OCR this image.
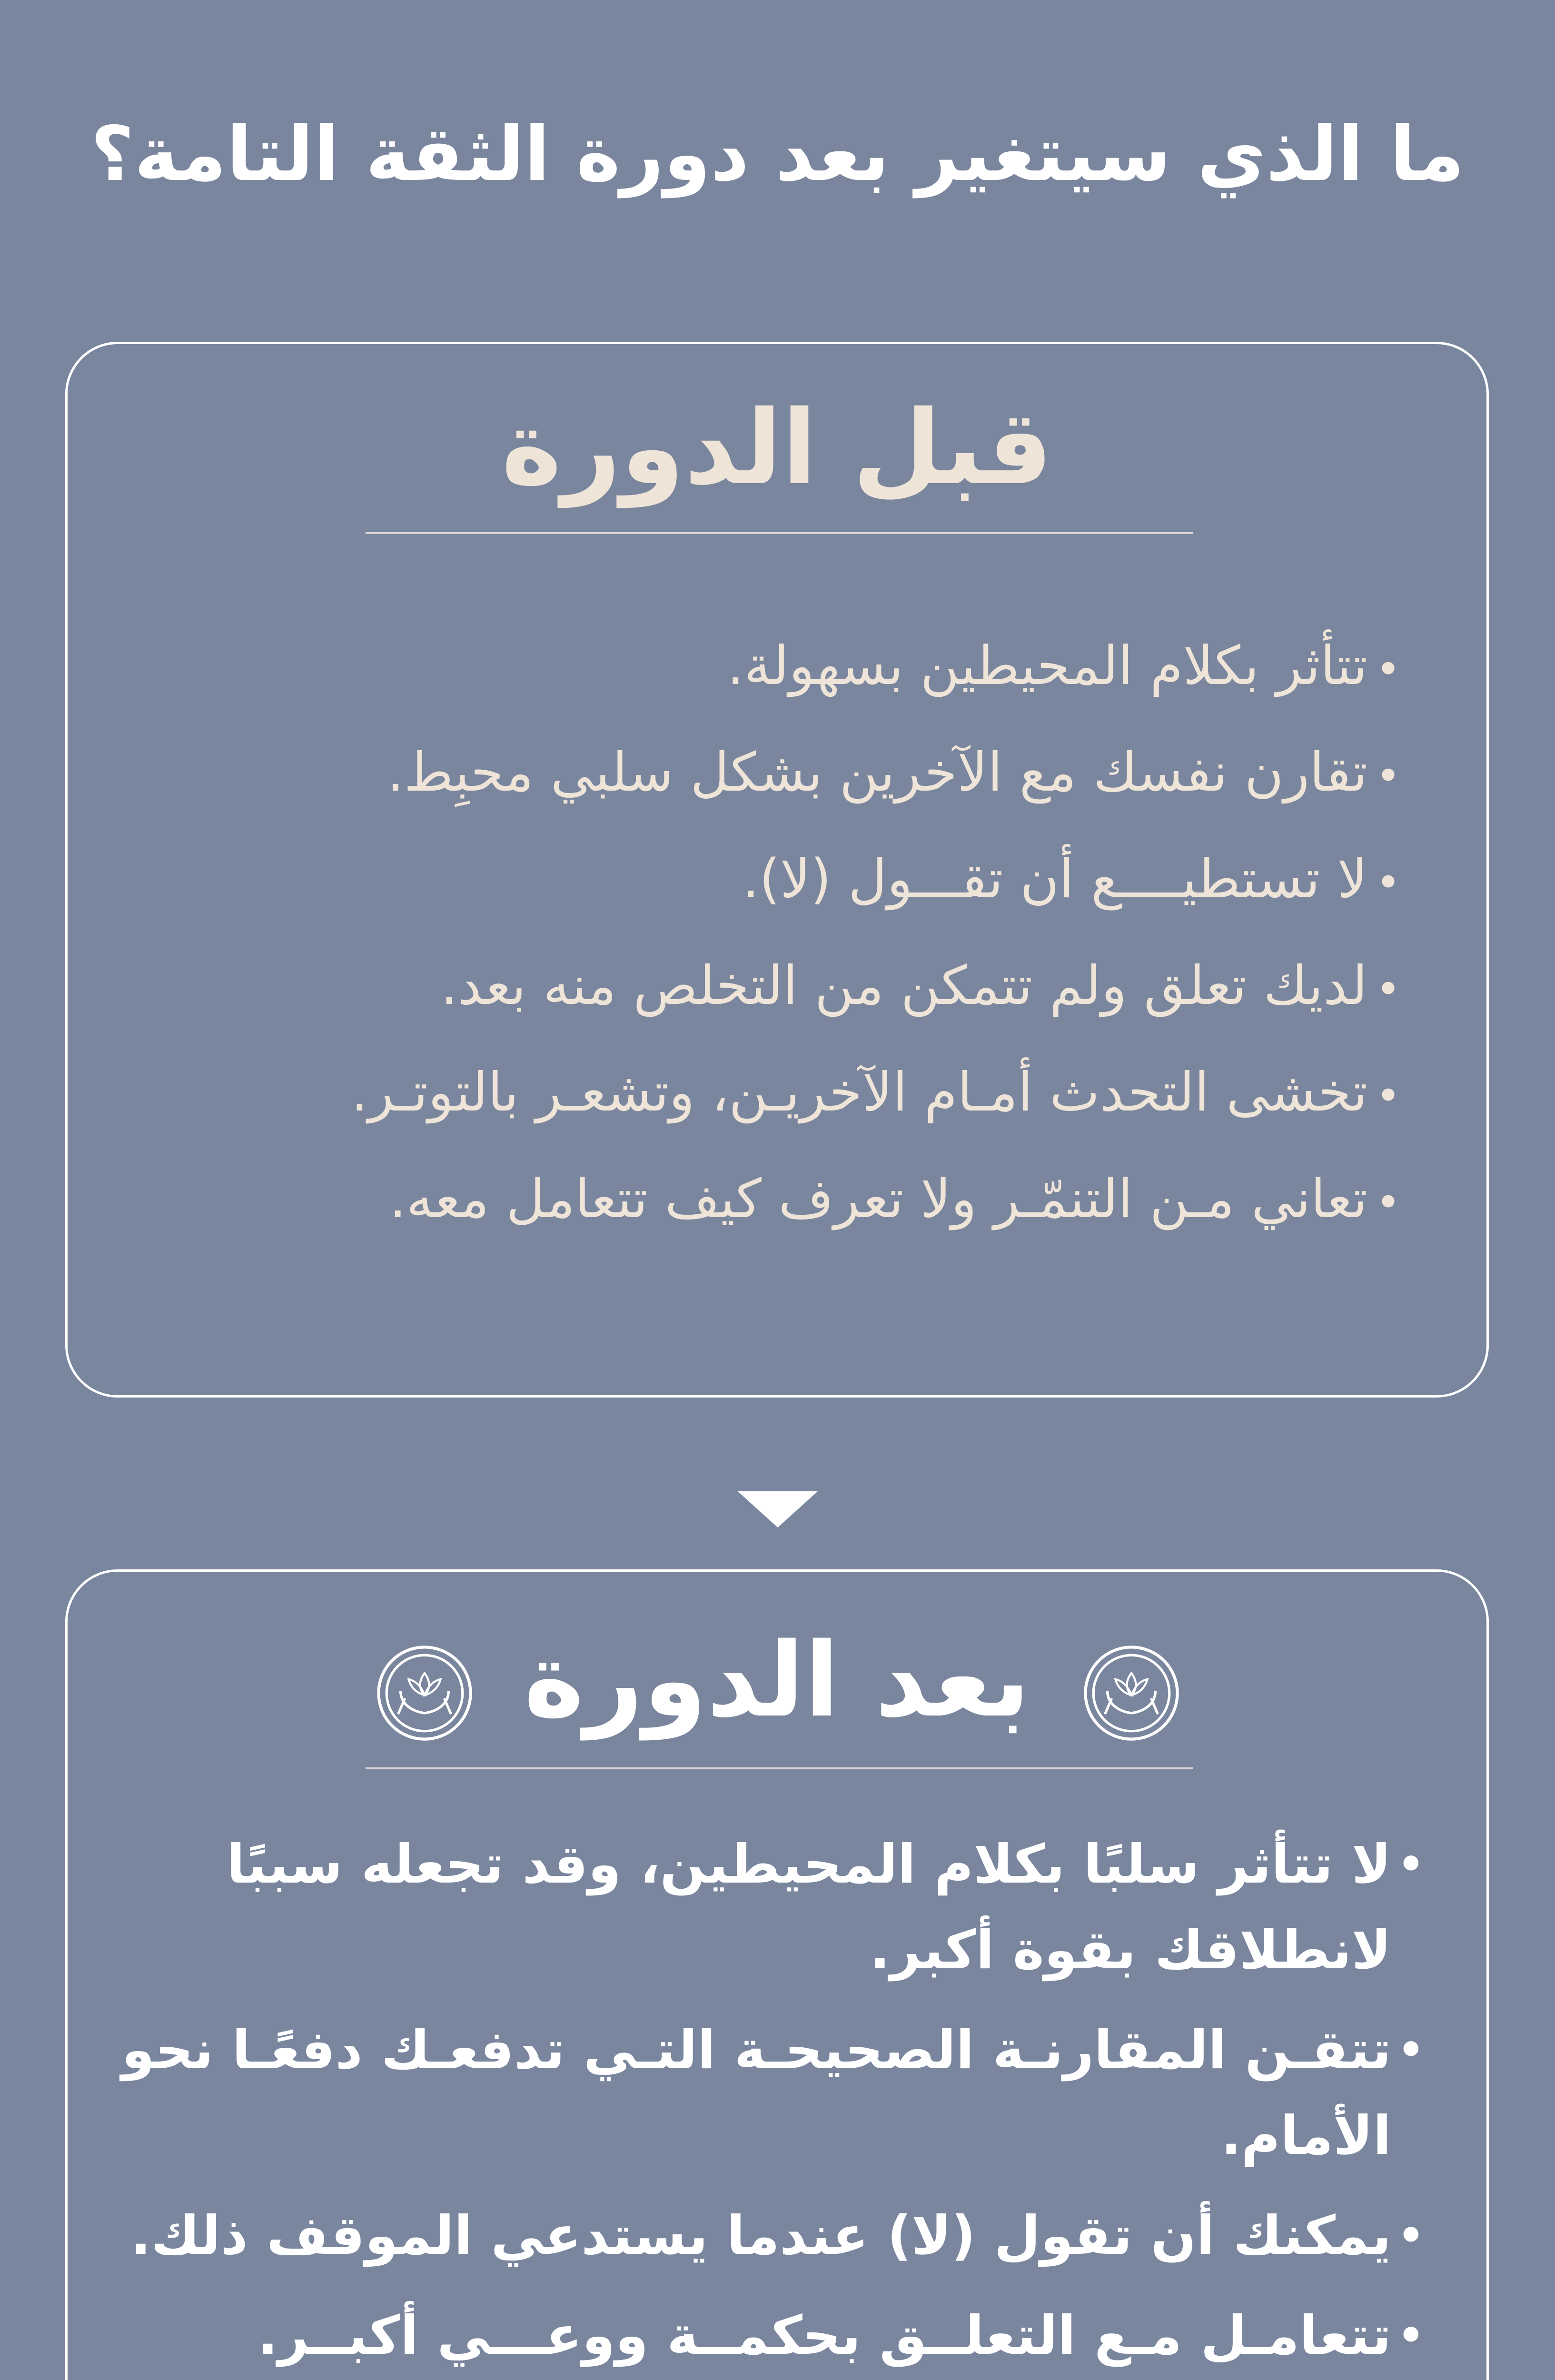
ما الذي سيتغير بعد دورة الثقة التامة؟
قبل الدورة
•
تتأثر بكلام المحيطين بسهولة.
•
تقارن نفسك مع الآخرين بشكل سلبي محبِط.
•
لا تستطيــــع أن تقـــول (لا).
•
لديك تعلق ولم تتمكن من التخلص منه بعد.
•
تخشى التحدث أمـام الآخريـن، وتشعـر بالتوتـر.
•
تعاني مـن التنمّـر ولا تعرف كيف تتعامل معه.
بعد الدورة
•
لا تتأثر سلبًا بكلام المحيطين، وقد تجعله سببًا لانطلاقك بقوة أكبر.
•
تتقـن المقارنـة الصحيحـة التـي تدفعـك دفعًـا نحو الأمام.
•
يمكنك أن تقول (لا) عندما يستدعي الموقف ذلك.
•
تتعامـل مـع التعلــق بحكمــة ووعـــي أكبــر.
